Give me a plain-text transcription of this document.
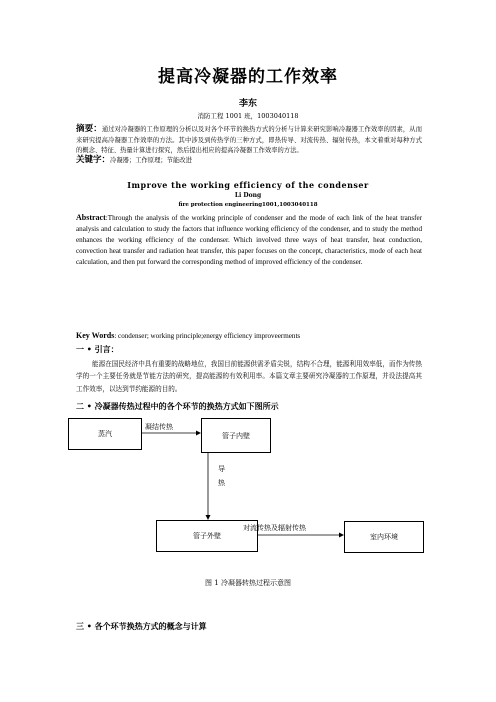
提高冷凝器的工作效率
李东
消防工程 1001 班，1003040118
摘要：通过对冷凝器的工作原理的分析以及对各个环节的换热方式的分析与计算来研究影响冷凝器工作效率的因素，从而来研究提高冷凝器工作效率的方法。其中涉及到传热学的三种方式，即热传导、对流传热、辐射传热，本文着重对每种方式的概念、特征、热量计算进行探究，然后提出相应的提高冷凝器工作效率的方法。
关键字：冷凝器；工作原理；节能改进
Improve the working efficiency of the condenser
Li Dong
fire protection engineering1001,1003040118
Abstract:Through the analysis of the working principle of condenser and the mode of each link of the heat transfer analysis and calculation to study the factors that influence working efficiency of the condenser, and to study the method enhances the working efficiency of the condenser. Which involved three ways of heat transfer, heat conduction, convection heat transfer and radiation heat transfer, this paper focuses on the concept, characteristics, mode of each heat calculation, and then put forward the corresponding method of improved efficiency of the condenser.
Key Words: condenser; working principle;energy efficiency improveerments
一 • 引言：
能源在国民经济中具有重要的战略地位，我国目前能源供需矛盾尖锐，结构不合理，能源利用效率低，而作为传热学的一个主要任务就是节能方法的研究，提高能源的有效利用率。本篇文章主要研究冷凝器的工作原理，并设法提高其工作效率，以达到节约能源的目的。
二 • 冷凝器传热过程中的各个环节的换热方式如下图所示
蒸汽	管子内壁
管子外壁	室内环境
凝结传热
导
热
对流传热及辐射传热
图 1 冷凝器转热过程示意图
三 • 各个环节换热方式的概念与计算
